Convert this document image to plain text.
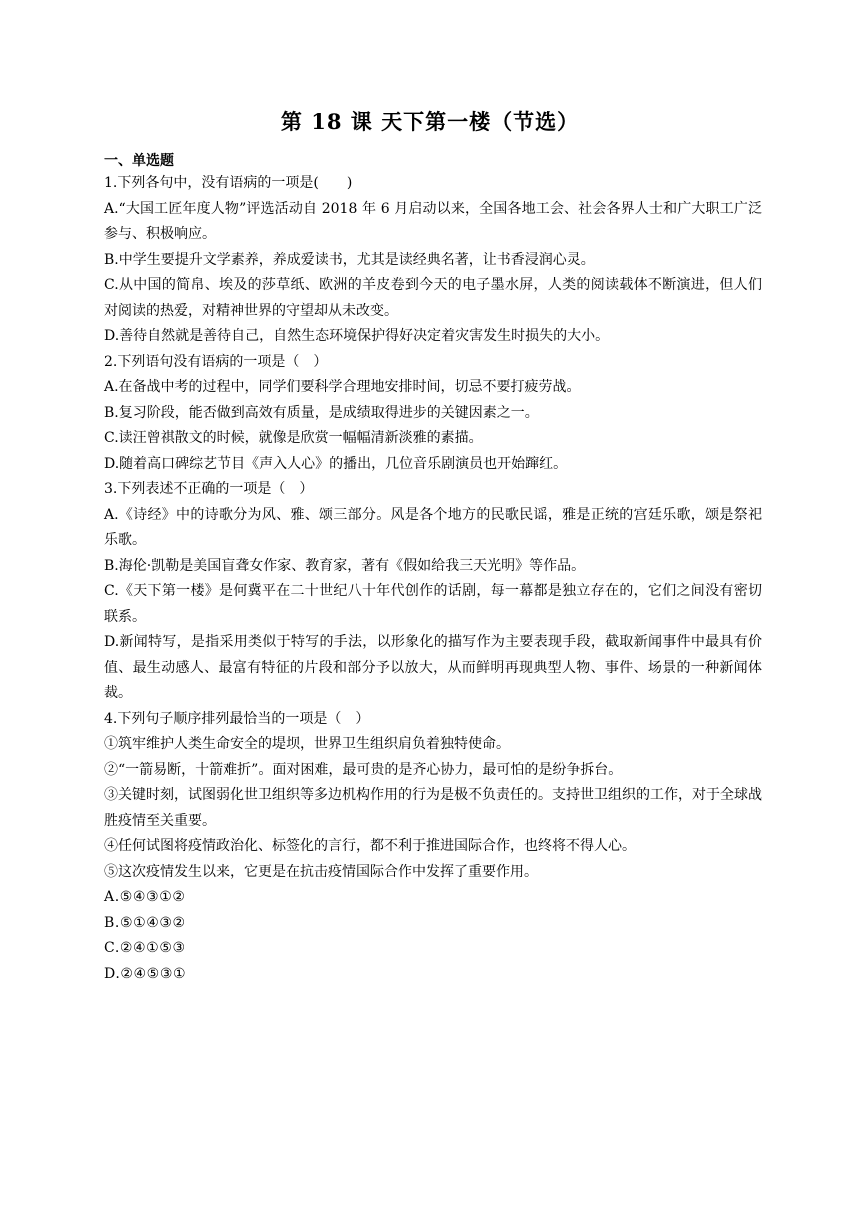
第 18 课 天下第一楼（节选）
一、单选题
1.下列各句中，没有语病的一项是(　　)
A.“大国工匠年度人物”评选活动自 2018 年 6 月启动以来，全国各地工会、社会各界人士和广大职工广泛参与、积极响应。
B.中学生要提升文学素养，养成爱读书，尤其是读经典名著，让书香浸润心灵。
C.从中国的简帛、埃及的莎草纸、欧洲的羊皮卷到今天的电子墨水屏，人类的阅读载体不断演进，但人们对阅读的热爱，对精神世界的守望却从未改变。
D.善待自然就是善待自己，自然生态环境保护得好决定着灾害发生时损失的大小。
2.下列语句没有语病的一项是（　）
A.在备战中考的过程中，同学们要科学合理地安排时间，切忌不要打疲劳战。
B.复习阶段，能否做到高效有质量，是成绩取得进步的关键因素之一。
C.读汪曾祺散文的时候，就像是欣赏一幅幅清新淡雅的素描。
D.随着高口碑综艺节目《声入人心》的播出，几位音乐剧演员也开始蹿红。
3.下列表述不正确的一项是（　）
A.《诗经》中的诗歌分为风、雅、颂三部分。风是各个地方的民歌民谣，雅是正统的宫廷乐歌，颂是祭祀乐歌。
B.海伦·凯勒是美国盲聋女作家、教育家，著有《假如给我三天光明》等作品。
C.《天下第一楼》是何冀平在二十世纪八十年代创作的话剧，每一幕都是独立存在的，它们之间没有密切联系。
D.新闻特写，是指采用类似于特写的手法，以形象化的描写作为主要表现手段，截取新闻事件中最具有价值、最生动感人、最富有特征的片段和部分予以放大，从而鲜明再现典型人物、事件、场景的一种新闻体裁。
4.下列句子顺序排列最恰当的一项是（　）
①筑牢维护人类生命安全的堤坝，世界卫生组织肩负着独特使命。
②“一箭易断，十箭难折”。面对困难，最可贵的是齐心协力，最可怕的是纷争拆台。
③关键时刻，试图弱化世卫组织等多边机构作用的行为是极不负责任的。支持世卫组织的工作，对于全球战胜疫情至关重要。
④任何试图将疫情政治化、标签化的言行，都不利于推进国际合作，也终将不得人心。
⑤这次疫情发生以来，它更是在抗击疫情国际合作中发挥了重要作用。
A.⑤④③①②
B.⑤①④③②
C.②④①⑤③
D.②④⑤③①
